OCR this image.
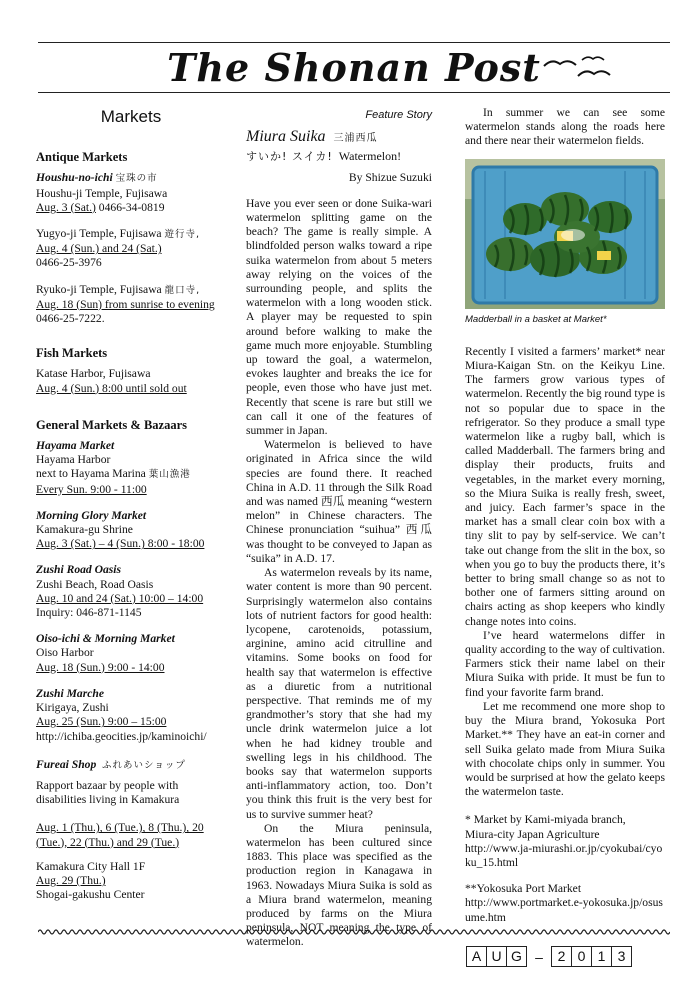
The Shonan Post
Markets
Antique Markets
Houshu-no-ichi 宝珠の市
Houshu-ji Temple, Fujisawa
Aug. 3 (Sat.) 0466-34-0819
Yugyo-ji Temple, Fujisawa 遊行寺,
Aug. 4 (Sun.) and 24 (Sat.)
0466-25-3976
Ryuko-ji Temple, Fujisawa 龍口寺,
Aug. 18 (Sun) from sunrise to evening
0466-25-7222.
Fish Markets
Katase Harbor, Fujisawa
Aug. 4 (Sun.) 8:00 until sold out
General Markets & Bazaars
Hayama Market
Hayama Harbor
next to Hayama Marina 葉山漁港
Every Sun. 9:00 - 11:00
Morning Glory Market
Kamakura-gu Shrine
Aug. 3 (Sat.) – 4 (Sun.) 8:00 - 18:00
Zushi Road Oasis
Zushi Beach, Road Oasis
Aug. 10 and 24 (Sat.) 10:00 – 14:00
Inquiry: 046-871-1145
Oiso-ichi & Morning Market
Oiso Harbor
Aug. 18 (Sun.) 9:00 - 14:00
Zushi Marche
Kirigaya, Zushi
Aug. 25 (Sun.) 9:00 – 15:00
http://ichiba.geocities.jp/kaminoichi/
Fureai Shop ふれあいショップ
Rapport bazaar by people with disabilities living in Kamakura
Aug. 1 (Thu.), 6 (Tue.), 8 (Thu.), 20 (Tue.), 22 (Thu.) and 29 (Tue.)
Kamakura City Hall 1F
Aug. 29 (Thu.)
Shogai-gakushu Center
Feature Story
Miura Suika 三浦西瓜
すいか! スイカ! Watermelon!
By Shizue Suzuki

Have you ever seen or done Suika-wari watermelon splitting game on the beach? The game is really simple. A blindfolded person walks toward a ripe suika watermelon from about 5 meters away relying on the voices of the surrounding people, and splits the watermelon with a long wooden stick. A player may be requested to spin around before walking to make the game much more enjoyable. Stumbling up toward the goal, a watermelon, evokes laughter and breaks the ice for people, even those who have just met. Recently that scene is rare but still we can call it one of the features of summer in Japan.

Watermelon is believed to have originated in Africa since the wild species are found there. It reached China in A.D. 11 through the Silk Road and was named 西瓜 meaning “western melon” in Chinese characters. The Chinese pronunciation “suihua” 西瓜 was thought to be conveyed to Japan as “suika” in A.D. 17.

As watermelon reveals by its name, water content is more than 90 percent. Surprisingly watermelon also contains lots of nutrient factors for good health: lycopene, carotenoids, potassium, arginine, amino acid citrulline and vitamins. Some books on food for health say that watermelon is effective as a diuretic from a nutritional perspective. That reminds me of my grandmother’s story that she had my uncle drink watermelon juice a lot when he had kidney trouble and swelling legs in his childhood. The books say that watermelon supports anti-inflammatory action, too. Don’t you think this fruit is the very best for us to survive summer heat?

On the Miura peninsula, watermelon has been cultured since 1883. This place was specified as the production region in Kanagawa in 1963. Nowadays Miura Suika is sold as a Miura brand watermelon, meaning produced by farms on the Miura peninsula, NOT meaning the type of watermelon.

In summer we can see some watermelon stands along the roads here and there near their watermelon fields.

Madderball in a basket at Market*

Recently I visited a farmers’ market* near Miura-Kaigan Stn. on the Keikyu Line. The farmers grow various types of watermelon. Recently the big round type is not so popular due to space in the refrigerator. So they produce a small type watermelon like a rugby ball, which is called Madderball. The farmers bring and display their products, fruits and vegetables, in the market every morning, so the Miura Suika is really fresh, sweet, and juicy. Each farmer’s space in the market has a small clear coin box with a tiny slit to pay by self-service. We can’t take out change from the slit in the box, so when you go to buy the products there, it’s better to bring small change so as not to bother one of farmers sitting around on chairs acting as shop keepers who kindly change notes into coins.

I’ve heard watermelons differ in quality according to the way of cultivation. Farmers stick their name label on their Miura Suika with pride. It must be fun to find your favorite farm brand.

Let me recommend one more shop to buy the Miura brand, Yokosuka Port Market.** They have an eat-in corner and sell Suika gelato made from Miura Suika with chocolate chips only in summer. You would be surprised at how the gelato keeps the watermelon taste.

* Market by Kami-miyada branch,
Miura-city Japan Agriculture
http://www.ja-miurashi.or.jp/cyokubai/cyoku_15.html
**Yokosuka Port Market
http://www.portmarket.e-yokosuka.jp/osusume.htm
A U G –	2 0 1 3
